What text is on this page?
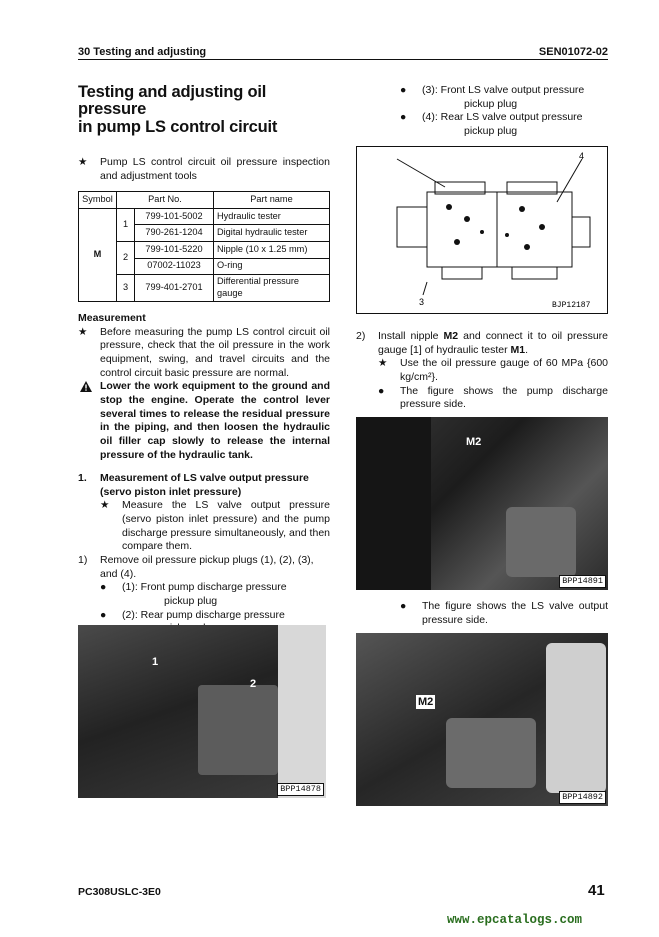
30 Testing and adjusting	SEN01072-02
Testing and adjusting oil pressure
in pump LS control circuit
★ Pump LS control circuit oil pressure inspection and adjustment tools
Symbol	Part No.		Part name
M	1	799-101-5002	Hydraulic tester
		790-261-1204	Digital hydraulic tester
	2	799-101-5220	Nipple (10 x 1.25 mm)
		07002-11023	O-ring
	3	799-401-2701	Differential pressure gauge
Measurement
★ Before measuring the pump LS control circuit oil pressure, check that the oil pressure in the work equipment, swing, and travel circuits and the control circuit basic pressure are normal.
Lower the work equipment to the ground and stop the engine. Operate the control lever several times to release the residual pressure in the piping, and then loosen the hydraulic oil filler cap slowly to release the internal pressure of the hydraulic tank.
1. Measurement of LS valve output pressure (servo piston inlet pressure)
★ Measure the LS valve output pressure (servo piston inlet pressure) and the pump discharge pressure simultaneously, and then compare them.
1) Remove oil pressure pickup plugs (1), (2), (3), and (4).
● (1): Front pump discharge pressure
pickup plug
● (2): Rear pump discharge pressure
● (3): Front LS valve output pressure
pickup plug
● (4): Rear LS valve output pressure
pickup plug
4
3	BJP12187
2) Install nipple M2 and connect it to oil pressure gauge [1] of hydraulic tester M1.
★ Use the oil pressure gauge of 60 MPa {600 kg/cm²}.
● The figure shows the pump discharge pressure side.
● The figure shows the LS valve output pressure side.
M2
BPP14891
1
2
BPP14878
M2
BPP14892
PC308USLC-3E0	41
www.epcatalogs.com
